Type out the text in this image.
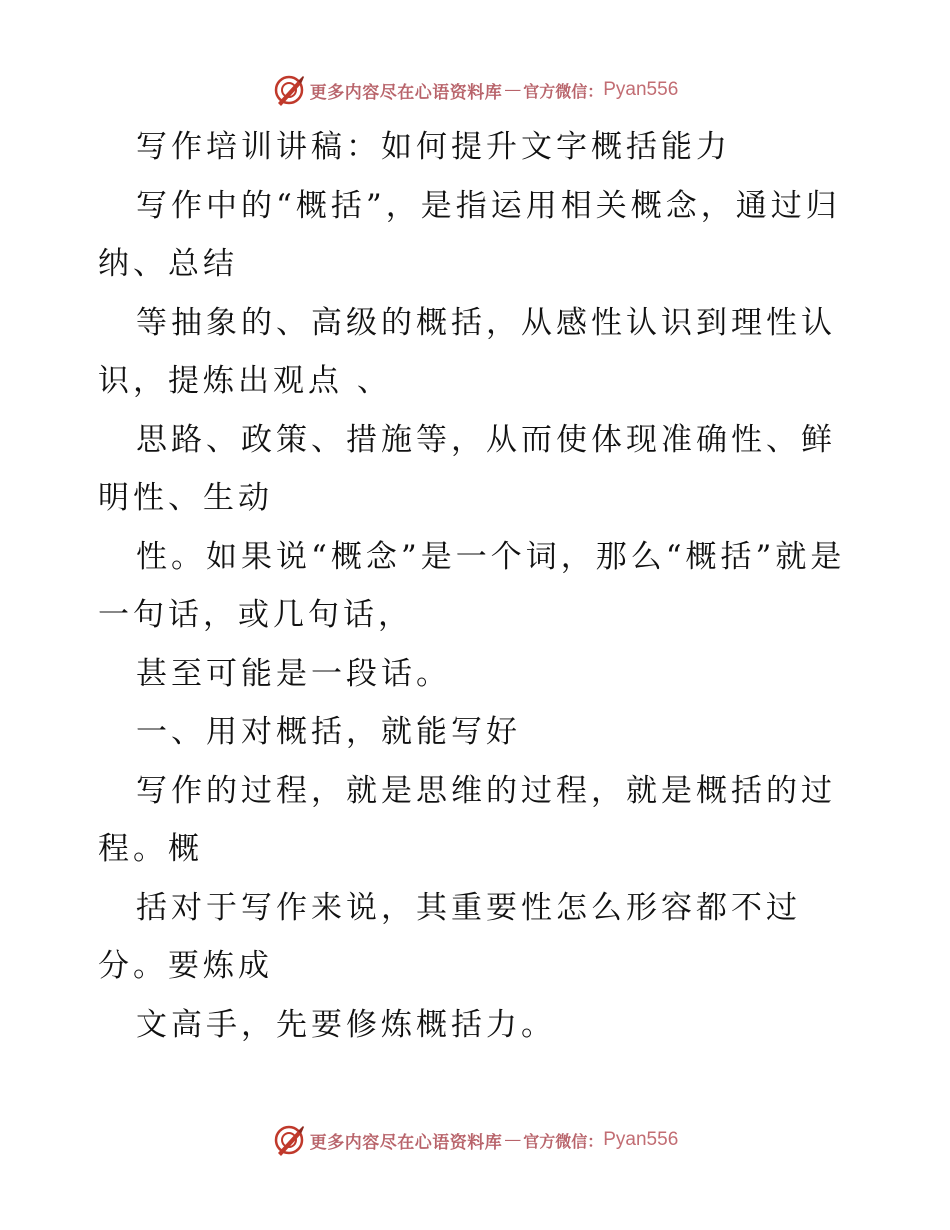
更多内容尽在心语资料库 — 官方微信： Pyan556

写作培训讲稿：如何提升文字概括能力

写作中的“概括”，是指运用相关概念，通过归纳、总结

等抽象的、高级的概括，从感性认识到理性认识，提炼出观点 、

思路、政策、措施等，从而使体现准确性、鲜明性、生动

性。如果说“概念”是一个词，那么“概括”就是一句话，或几句话，

甚至可能是一段话。

一、用对概括，就能写好

写作的过程，就是思维的过程，就是概括的过程。概

括对于写作来说，其重要性怎么形容都不过分。要炼成

文高手，先要修炼概括力。

更多内容尽在心语资料库 — 官方微信： Pyan556
